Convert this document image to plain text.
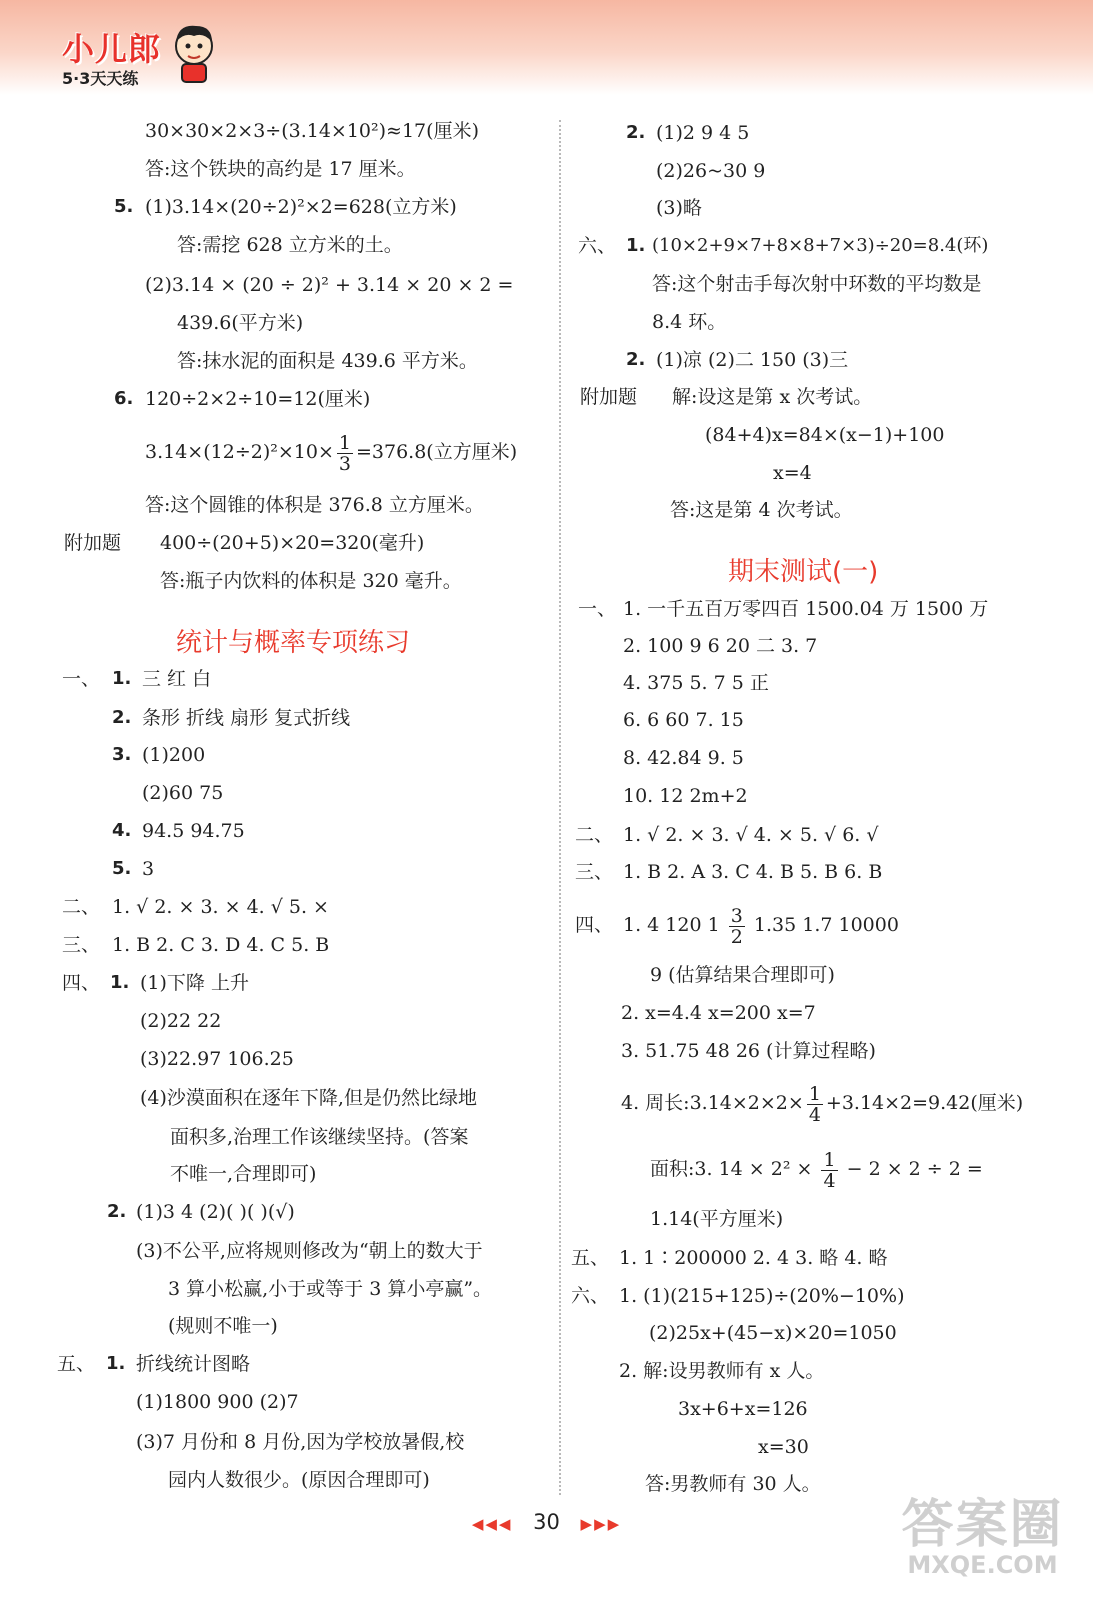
小儿郎
5·3天天练
30×30×2×3÷(3.14×10²)≈17(厘米)
答:这个铁块的高约是 17 厘米。
5. (1)3.14×(20÷2)²×2=628(立方米)
答:需挖 628 立方米的土。
(2)3.14 × (20 ÷ 2)² + 3.14 × 20 × 2 =
439.6(平方米)
答:抹水泥的面积是 439.6 平方米。
6. 120÷2×2÷10=12(厘米)
$3.14\times(12\div 2)^2\times 10\times \frac{1}{3} =376.8$(立方厘米)
答:这个圆锥的体积是 376.8 立方厘米。
附加题 400÷(20+5)×20=320(毫升)
答:瓶子内饮料的体积是 320 毫升。
统计与概率专项练习
一、 1. 三 红 白
2. 条形 折线 扇形 复式折线
3. (1)200
(2)60 75
4. 94.5 94.75
5. 3
二、 1. √ 2. × 3. × 4. √ 5. ×
三、 1. B 2. C 3. D 4. C 5. B
四、 1. (1)下降 上升
(2)22 22
(3)22.97 106.25
(4)沙漠面积在逐年下降,但是仍然比绿地
面积多,治理工作该继续坚持。(答案
不唯一,合理即可)
2. (1)3 4 (2)( )( )(√)
(3)不公平,应将规则修改为“朝上的数大于
3 算小松赢,小于或等于 3 算小亭赢”。
(规则不唯一)
五、 1. 折线统计图略
(1)1800 900 (2)7
(3)7 月份和 8 月份,因为学校放暑假,校
园内人数很少。(原因合理即可)
2. (1)2 9 4 5
(2)26~30 9
(3)略
六、 1. (10×2+9×7+8×8+7×3)÷20=8.4(环)
答:这个射击手每次射中环数的平均数是
8.4 环。
2. (1)凉 (2)二 150 (3)三
附加题 解:设这是第 x 次考试。
(84+4)x=84×(x−1)+100
x=4
答:这是第 4 次考试。
期末测试(一)
一、 1. 一千五百万零四百 1500.04 万 1500 万
2. 100 9 6 20 二 3. 7
4. 375 5. 7 5 正
6. 6 60 7. 15
8. 42.84 9. 5
10. 12 2m+2
二、 1. √ 2. × 3. √ 4. × 5. √ 6. √
三、 1. B 2. A 3. C 4. B 5. B 6. B
四、 1. 4 120 $1 \frac{3}{2} 1.35$ 1.7 10000
9 (估算结果合理即可)
2. x=4.4 x=200 x=7
3. 51.75 48 26 (计算过程略)
4. 周长:3.14×2×2× $\frac{1}{4} +3.14\times 2=9.42$(厘米)
面积:3. $14 \times 2^2 \times \frac{1}{4} - 2 \times 2 \div 2$ =
1.14(平方厘米)
五、 1. 1∶200000 2. 4 3. 略 4. 略
六、 1. (1)(215+125)÷(20%−10%)
(2)25x+(45−x)×20=1050
2. 解:设男教师有 x 人。
3x+6+x=126
x=30
答:男教师有 30 人。
◀◀◀ 30 ▶▶▶	答案圈
MXQE.COM
